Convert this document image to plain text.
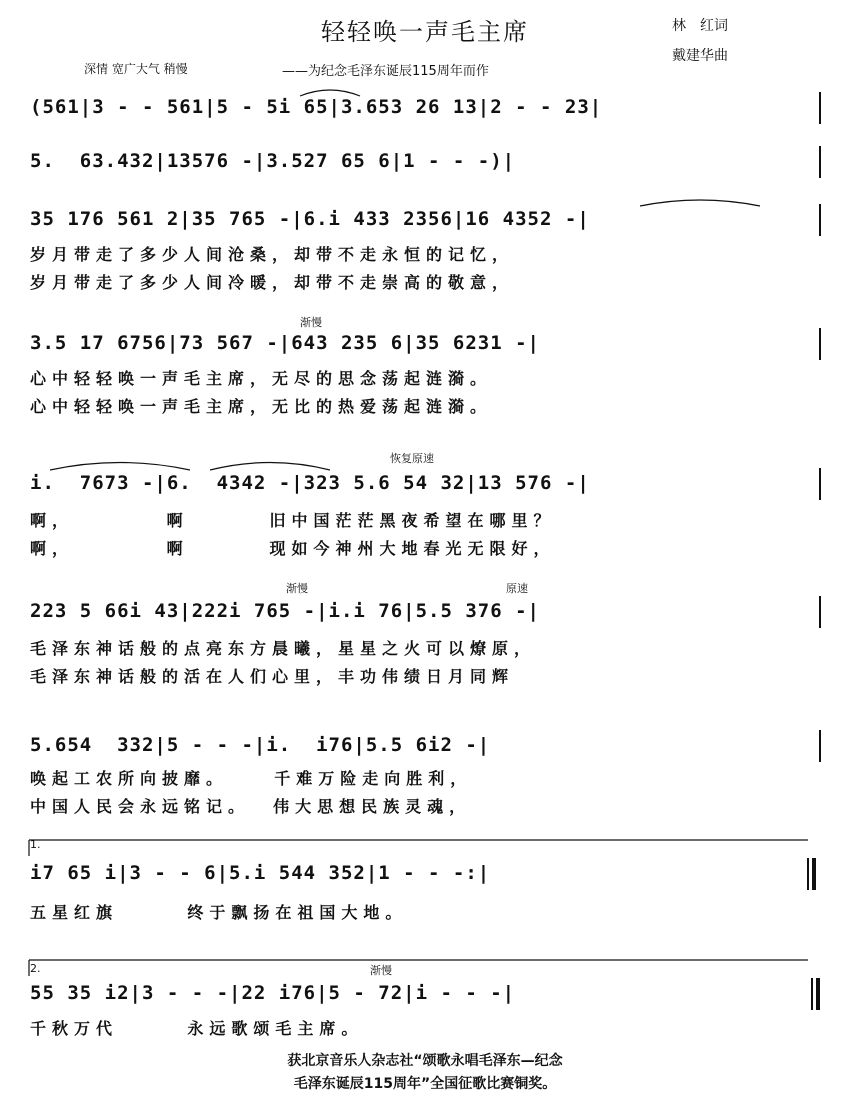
轻轻唤一声毛主席	林　红词
戴建华曲
深情 宽广大气 稍慢	——为纪念毛泽东诞辰115周年而作
(561|3 - - 561|5 - 5i 65|3.653 26 13|2 - - 23|
5.  63.432|13576 -|3.527 65 6|1 - - -)|
35 176 561 2|35 765 -|6.i 433 2356|16 4352 -|
岁月带走了多少人间沧桑，却带不走永恒的记忆，
岁月带走了多少人间冷暖，却带不走崇高的敬意，
渐慢
3.5 17 6756|73 567 -|643 235 6|35 6231 -|
心中轻轻唤一声毛主席，无尽的思念荡起涟漪。
心中轻轻唤一声毛主席，无比的热爱荡起涟漪。
恢复原速
i.  7673 -|6.  4342 -|323 5.6 54 32|13 576 -|
啊，        啊       旧中国茫茫黑夜希望在哪里？
啊，        啊       现如今神州大地春光无限好，
渐慢	原速
223 5 66i 43|222i 765 -|i.i 76|5.5 376 -|
毛泽东神话般的点亮东方晨曦，星星之火可以燎原，
毛泽东神话般的活在人们心里，丰功伟绩日月同辉
5.654  332|5 - - -|i.  i76|5.5 6i2 -|
唤起工农所向披靡。    千难万险走向胜利，
中国人民会永远铭记。  伟大思想民族灵魂，
1.
i7 65 i|3 - - 6|5.i 544 352|1 - - -:|
五星红旗      终于飘扬在祖国大地。
2.	渐慢
55 35 i2|3 - - -|22 i76|5 - 72|i - - -|
千秋万代      永远歌颂毛主席。
获北京音乐人杂志社“颂歌永唱毛泽东—纪念
毛泽东诞辰115周年”全国征歌比赛铜奖。
